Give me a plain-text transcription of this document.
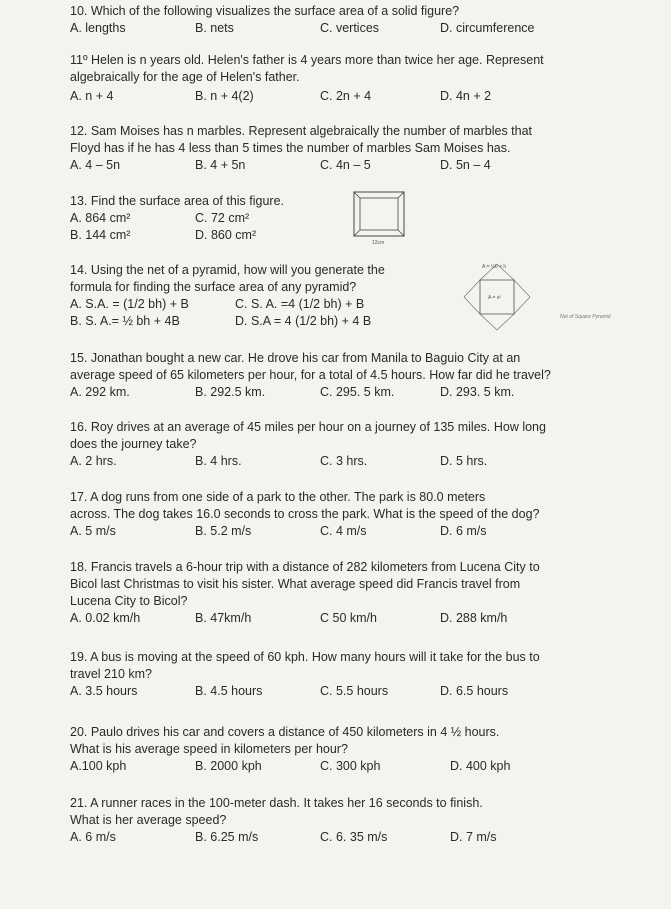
10. Which of the following visualizes the surface area of a solid figure?

A. lengths	B. nets	C. vertices	D. circumference

11º Helen is n years old. Helen's father is 4 years more than twice her age. Represent

algebraically for the age of Helen's father.

A. n + 4	B. n + 4(2)	C. 2n + 4	D. 4n + 2

12. Sam Moises has n marbles. Represent algebraically the number of marbles that

Floyd has if he has 4 less than 5 times the number of marbles Sam Moises has.

A. 4 – 5n	B. 4 + 5n	C. 4n – 5	D. 5n – 4

13. Find the surface area of this figure.

A. 864 cm²	C. 72 cm²
B. 144 cm²	D. 860 cm²
12cm

14. Using the net of a pyramid, how will you generate the

formula for finding the surface area of any pyramid?

A. S.A. = (1/2 bh) + B	C. S. A. =4 (1/2 bh) + B
B. S. A.= ½ bh + 4B	D. S.A = 4 (1/2 bh) + 4 B
A = ½b × h
A = s²
Net of Square Pyramid

15. Jonathan bought a new car. He drove his car from Manila to Baguio City at an

average speed of 65 kilometers per hour, for a total of 4.5 hours. How far did he travel?

A. 292 km.	B. 292.5 km.	C. 295. 5 km.	D. 293. 5 km.

16. Roy drives at an average of 45 miles per hour on a journey of 135 miles. How long

does the journey take?

A. 2 hrs.	B. 4 hrs.	C. 3 hrs.	D. 5 hrs.

17. A dog runs from one side of a park to the other. The park is 80.0 meters

across. The dog takes 16.0 seconds to cross the park. What is the speed of the dog?

A. 5 m/s	B. 5.2 m/s	C. 4 m/s	D. 6 m/s

18. Francis travels a 6-hour trip with a distance of 282 kilometers from Lucena City to

Bicol last Christmas to visit his sister. What average speed did Francis travel from

Lucena City to Bicol?

A. 0.02 km/h	B. 47km/h	C 50 km/h	D. 288 km/h

19. A bus is moving at the speed of 60 kph. How many hours will it take for the bus to

travel 210 km?

A. 3.5 hours	B. 4.5 hours	C. 5.5 hours	D. 6.5 hours

20. Paulo drives his car and covers a distance of 450 kilometers in 4 ½ hours.

What is his average speed in kilometers per hour?

A.100 kph	B. 2000 kph	C. 300 kph	D. 400 kph

21. A runner races in the 100-meter dash. It takes her 16 seconds to finish.

What is her average speed?

A. 6 m/s	B. 6.25 m/s	C. 6. 35 m/s	D. 7 m/s
